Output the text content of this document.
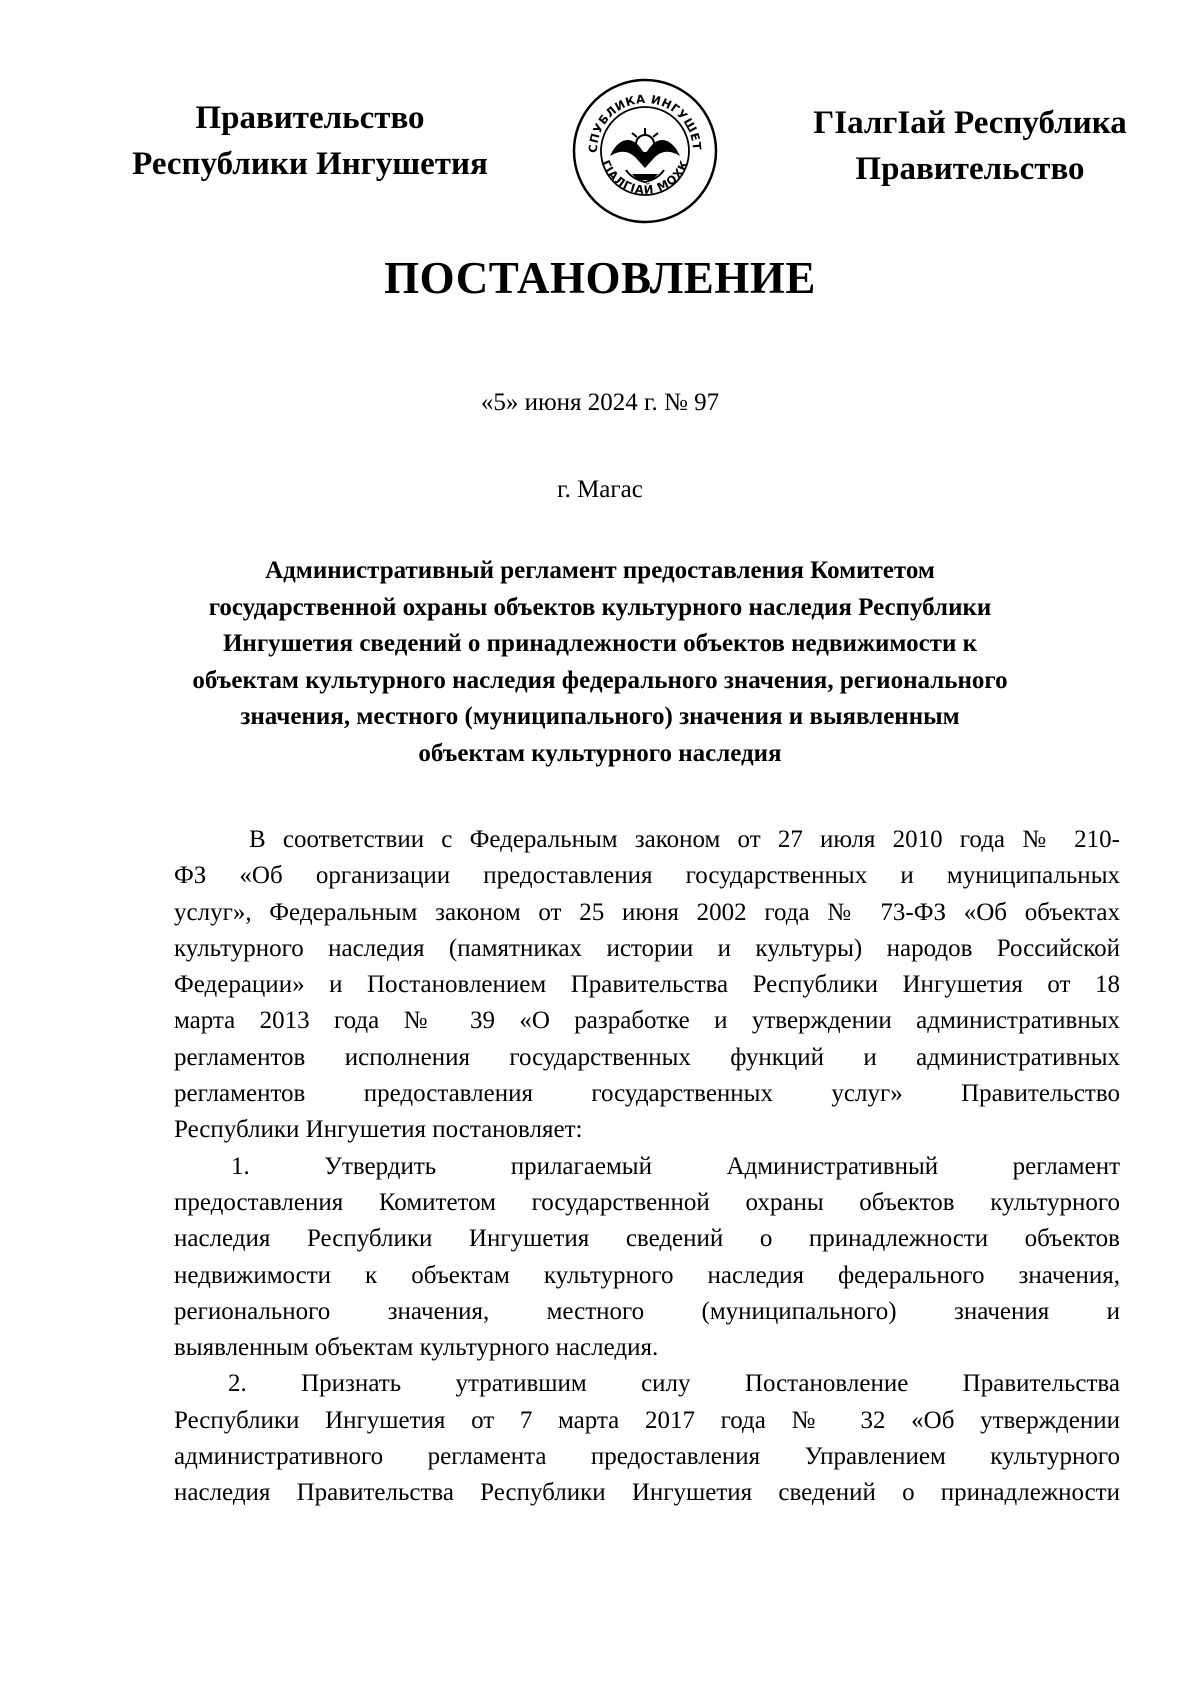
Правительство
Республики Ингушетия	СПУБЛИКА ИНГУШЕТ
ГӀАЛГӀАЙ МОХК
ГӀалгӀай Республика
Правительство
ПОСТАНОВЛЕНИЕ
«5» июня 2024 г. № 97
г. Магас
Административный регламент предоставления Комитетом
государственной охраны объектов культурного наследия Республики
Ингушетия сведений о принадлежности объектов недвижимости к
объектам культурного наследия федерального значения, регионального
значения, местного (муниципального) значения и выявленным
объектам культурного наследия
В соответствии с Федеральным законом от 27 июля 2010 года № 210-
ФЗ «Об организации предоставления государственных и муниципальных
услуг», Федеральным законом от 25 июня 2002 года № 73-ФЗ «Об объектах
культурного наследия (памятниках истории и культуры) народов Российской
Федерации» и Постановлением Правительства Республики Ингушетия от 18
марта 2013 года № 39 «О разработке и утверждении административных
регламентов исполнения государственных функций и административных
регламентов предоставления государственных услуг» Правительство
Республики Ингушетия постановляет:
1. Утвердить прилагаемый Административный регламент
предоставления Комитетом государственной охраны объектов культурного
наследия Республики Ингушетия сведений о принадлежности объектов
недвижимости к объектам культурного наследия федерального значения,
регионального значения, местного (муниципального) значения и
выявленным объектам культурного наследия.
2. Признать утратившим силу Постановление Правительства
Республики Ингушетия от 7 марта 2017 года № 32 «Об утверждении
административного регламента предоставления Управлением культурного
наследия Правительства Республики Ингушетия сведений о принадлежности
